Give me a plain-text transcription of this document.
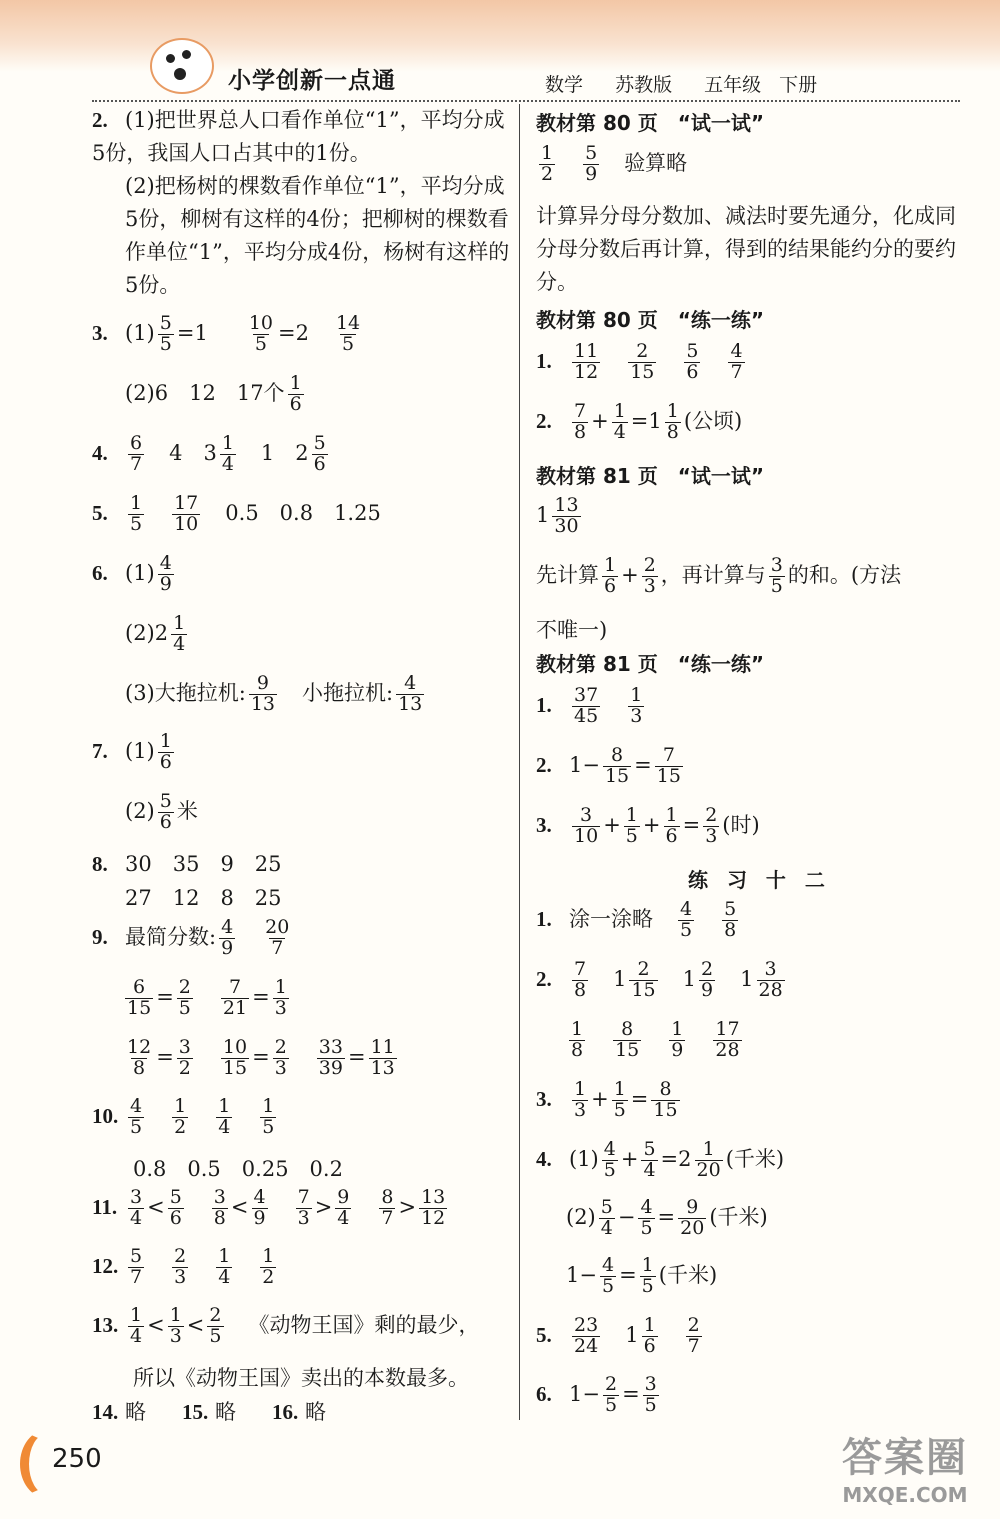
小学创新一点通	数学 苏教版 五年级 下册

2. (1)把世界总人口看作单位“1”，平均分成5份，我国人口占其中的1份。

(2)把杨树的棵数看作单位“1”，平均分成5份，柳树有这样的4份；把柳树的棵数看作单位“1”，平均分成4份，杨树有这样的5份。

3. $(1) \frac{5}{5} =1 \frac{10}{5} =2 \frac{14}{5}$
(2)6　12　17个 $\frac{1}{6}$
4. $\frac{6}{7} 4$　$3 \frac{1}{4} 1$　$2 \frac{5}{6}$
5. $\frac{1}{5} \frac{17}{10} 0.5$　0.8　1.25
6. $(1) \frac{4}{9}$
$(2)2 \frac{1}{4}$
(3)大拖拉机: $\frac{9}{13}$ 小拖拉机: $\frac{4}{13}$
7. $(1) \frac{1}{6}$
$(2) \frac{5}{6}$ 米
8. 30　35　9　25
27　12　8　25
9. 最简分数: $\frac{4}{9} \frac{20}{7}$
$\frac{6}{15} = \frac{2}{5} \frac{7}{21} = \frac{1}{3}$
$\frac{12}{8} = \frac{3}{2} \frac{10}{15} = \frac{2}{3} \frac{33}{39} = \frac{11}{13}$
10. $\frac{4}{5} \frac{1}{2} \frac{1}{4} \frac{1}{5}$
0.8　0.5　0.25　0.2
11. $\frac{3}{4} < \frac{5}{6} \frac{3}{8} < \frac{4}{9} \frac{7}{3} > \frac{9}{4} \frac{8}{7} > \frac{13}{12}$
12. $\frac{5}{7} \frac{2}{3} \frac{1}{4} \frac{1}{2}$
13. $\frac{1}{4} < \frac{1}{3} < \frac{2}{5}$ 《动物王国》剩的最少，
所以《动物王国》卖出的本数最多。
14. 略 15. 略 16. 略
教材第 80 页　“试一试”
$\frac{1}{2} \frac{5}{9}$ 验算略

计算异分母分数加、减法时要先通分，化成同分母分数后再计算，得到的结果能约分的要约分。

教材第 80 页　“练一练”
1. $\frac{11}{12} \frac{2}{15} \frac{5}{6} \frac{4}{7}$
2. $\frac{7}{8} + \frac{1}{4} =1 \frac{1}{8}$ (公顷)
教材第 81 页　“试一试”
$1 \frac{13}{30}$
先计算 $\frac{1}{6} + \frac{2}{3}$ ，再计算与 $\frac{3}{5}$ 的和。(方法
不唯一)
教材第 81 页　“练一练”
1. $\frac{37}{45} \frac{1}{3}$
2. $1- \frac{8}{15} = \frac{7}{15}$
3. $\frac{3}{10} + \frac{1}{5} + \frac{1}{6} = \frac{2}{3}$ (时)
练 习 十 二
1. 涂一涂略 $\frac{4}{5} \frac{5}{8}$
2. $\frac{7}{8} 1 \frac{2}{15} 1 \frac{2}{9} 1 \frac{3}{28}$
$\frac{1}{8} \frac{8}{15} \frac{1}{9} \frac{17}{28}$
3. $\frac{1}{3} + \frac{1}{5} = \frac{8}{15}$
4. $(1) \frac{4}{5} + \frac{5}{4} =2 \frac{1}{20}$ (千米)
$(2) \frac{5}{4} - \frac{4}{5} = \frac{9}{20}$ (千米)
$1- \frac{4}{5} = \frac{1}{5}$ (千米)
5. $\frac{23}{24} 1 \frac{1}{6} \frac{2}{7}$
6. $1- \frac{2}{5} = \frac{3}{5}$
250	答案圈
MXQE.COM
